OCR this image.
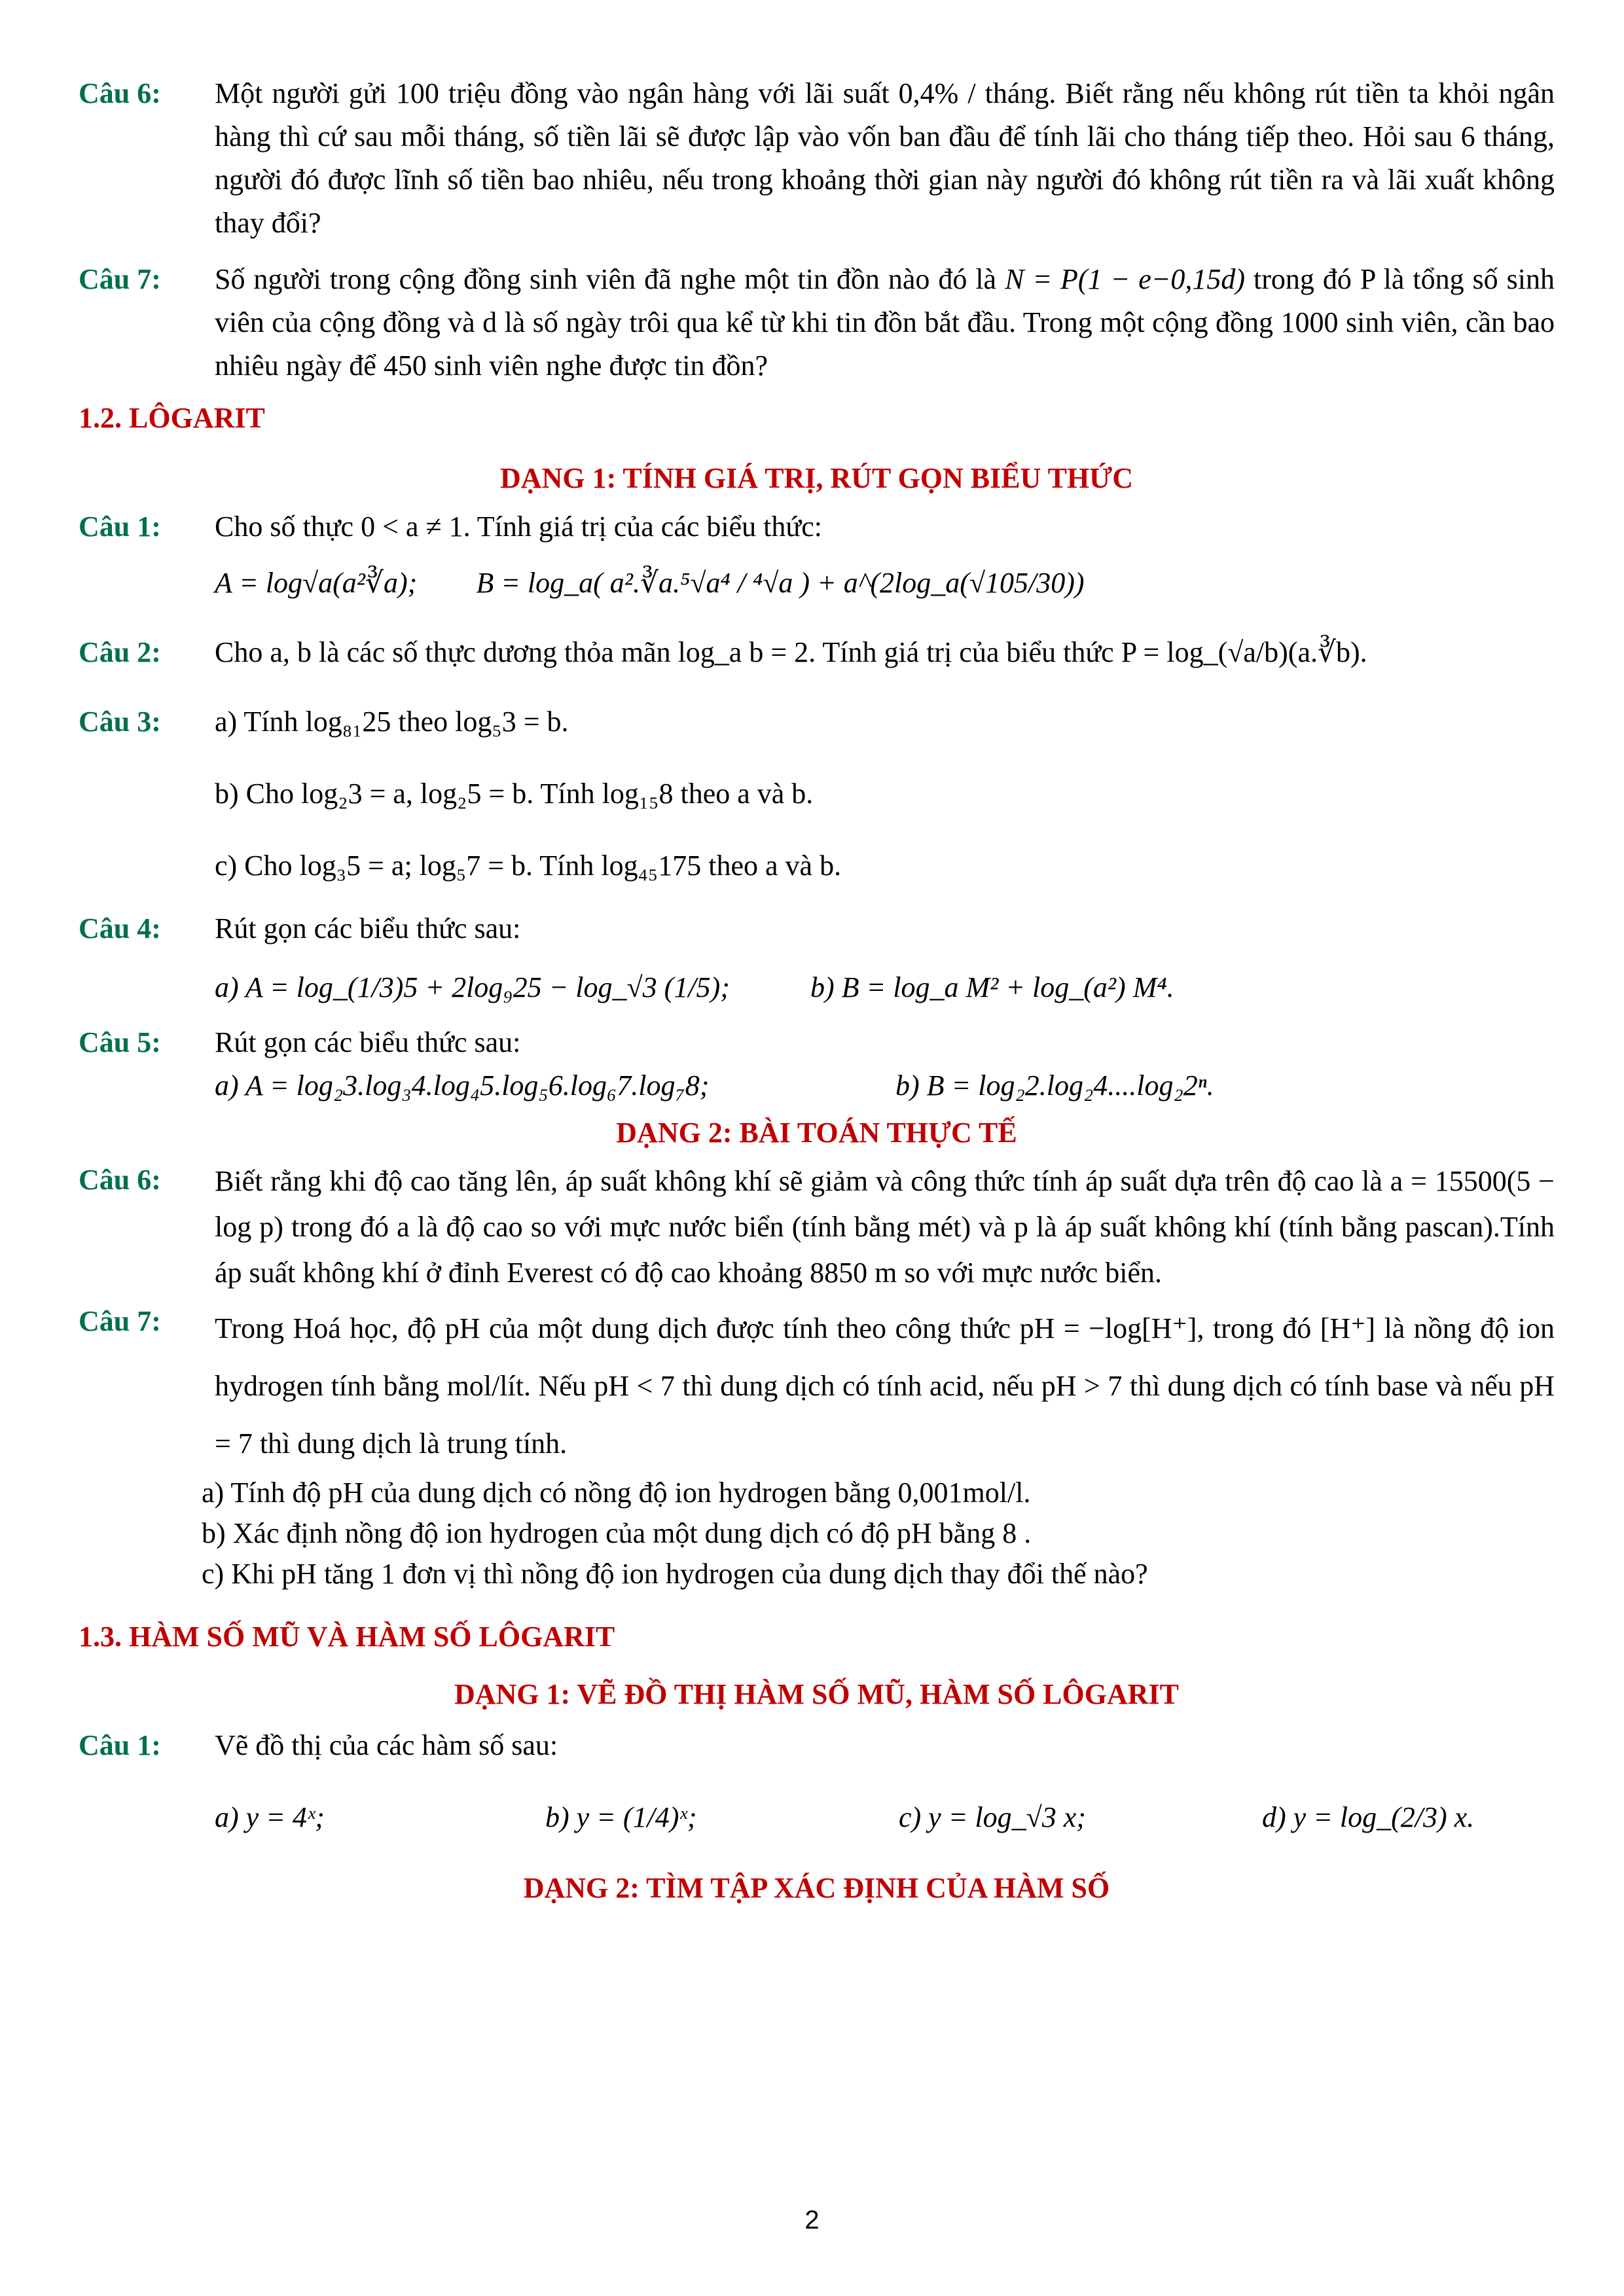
Câu 6:	Một người gửi 100 triệu đồng vào ngân hàng với lãi suất 0,4% / tháng. Biết rằng nếu không rút tiền ta khỏi ngân hàng thì cứ sau mỗi tháng, số tiền lãi sẽ được lập vào vốn ban đầu để tính lãi cho tháng tiếp theo. Hỏi sau 6 tháng, người đó được lĩnh số tiền bao nhiêu, nếu trong khoảng thời gian này người đó không rút tiền ra và lãi xuất không thay đổi?
Câu 7:	Số người trong cộng đồng sinh viên đã nghe một tin đồn nào đó là N = P(1 − e−0,15d) trong đó P là tổng số sinh viên của cộng đồng và d là số ngày trôi qua kể từ khi tin đồn bắt đầu. Trong một cộng đồng 1000 sinh viên, cần bao nhiêu ngày để 450 sinh viên nghe được tin đồn?
1.2. LÔGARIT
DẠNG 1: TÍNH GIÁ TRỊ, RÚT GỌN BIỂU THỨC
Câu 1:	Cho số thực 0 < a ≠ 1. Tính giá trị của các biểu thức:
A = log√a(a²∛a); B = log_a( a².∛a.⁵√a⁴ / ⁴√a ) + a^(2log_a(√105/30))
Câu 2:	Cho a, b là các số thực dương thỏa mãn log_a b = 2. Tính giá trị của biểu thức P = log_(√a/b)(a.∛b).
Câu 3:	a) Tính log₈₁25 theo log₅3 = b.
b) Cho log₂3 = a, log₂5 = b. Tính log₁₅8 theo a và b.
c) Cho log₃5 = a; log₅7 = b. Tính log₄₅175 theo a và b.
Câu 4:	Rút gọn các biểu thức sau:
a) A = log_(1/3)5 + 2log₉25 − log_√3 (1/5);	b) B = log_a M² + log_(a²) M⁴.
Câu 5:	Rút gọn các biểu thức sau:
a) A = log₂3.log₃4.log₄5.log₅6.log₆7.log₇8;	b) B = log₂2.log₂4....log₂2ⁿ.
DẠNG 2: BÀI TOÁN THỰC TẾ
Câu 6:	Biết rằng khi độ cao tăng lên, áp suất không khí sẽ giảm và công thức tính áp suất dựa trên độ cao là a = 15500(5 − log p) trong đó a là độ cao so với mực nước biển (tính bằng mét) và p là áp suất không khí (tính bằng pascan).Tính áp suất không khí ở đỉnh Everest có độ cao khoảng 8850 m so với mực nước biển.
Câu 7:	Trong Hoá học, độ pH của một dung dịch được tính theo công thức pH = −log[H⁺], trong đó [H⁺] là nồng độ ion hydrogen tính bằng mol/lít. Nếu pH < 7 thì dung dịch có tính acid, nếu pH > 7 thì dung dịch có tính base và nếu pH = 7 thì dung dịch là trung tính.
a) Tính độ pH của dung dịch có nồng độ ion hydrogen bằng 0,001mol/l.
b) Xác định nồng độ ion hydrogen của một dung dịch có độ pH bằng 8 .
c) Khi pH tăng 1 đơn vị thì nồng độ ion hydrogen của dung dịch thay đổi thế nào?
1.3. HÀM SỐ MŨ VÀ HÀM SỐ LÔGARIT
DẠNG 1: VẼ ĐỒ THỊ HÀM SỐ MŨ, HÀM SỐ LÔGARIT
Câu 1:	Vẽ đồ thị của các hàm số sau:
a) y = 4ˣ;	b) y = (1/4)ˣ;	c) y = log_√3 x;	d) y = log_(2/3) x.
DẠNG 2: TÌM TẬP XÁC ĐỊNH CỦA HÀM SỐ
2
